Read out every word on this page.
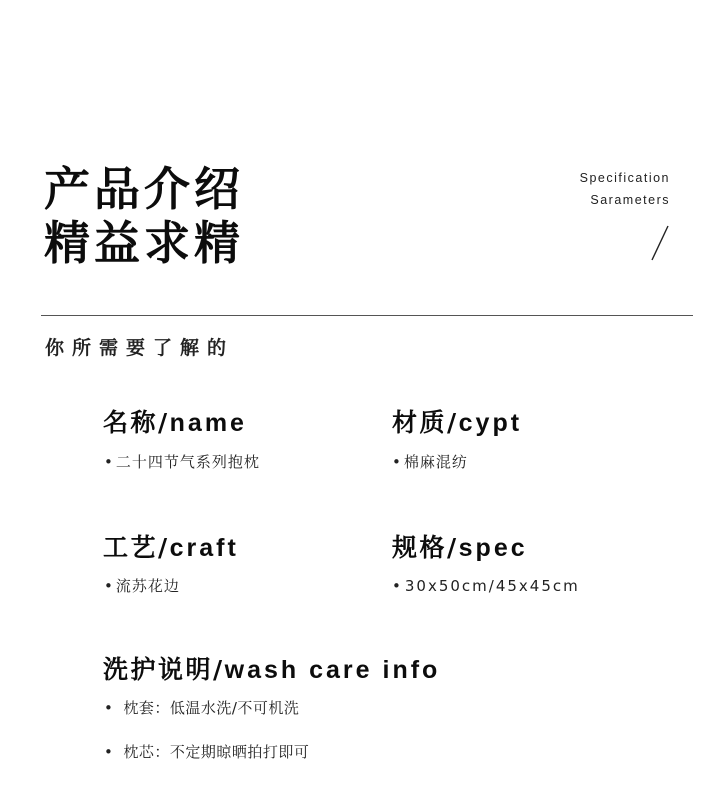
产品介绍
精益求精
Specification
Sarameters
你所需要了解的
名称/name
• 二十四节气系列抱枕
材质/cypt
• 棉麻混纺
工艺/craft
• 流苏花边
规格/spec
• 30x50cm/45x45cm
洗护说明/wash care info
• 枕套：低温水洗/不可机洗
• 枕芯：不定期晾晒拍打即可
